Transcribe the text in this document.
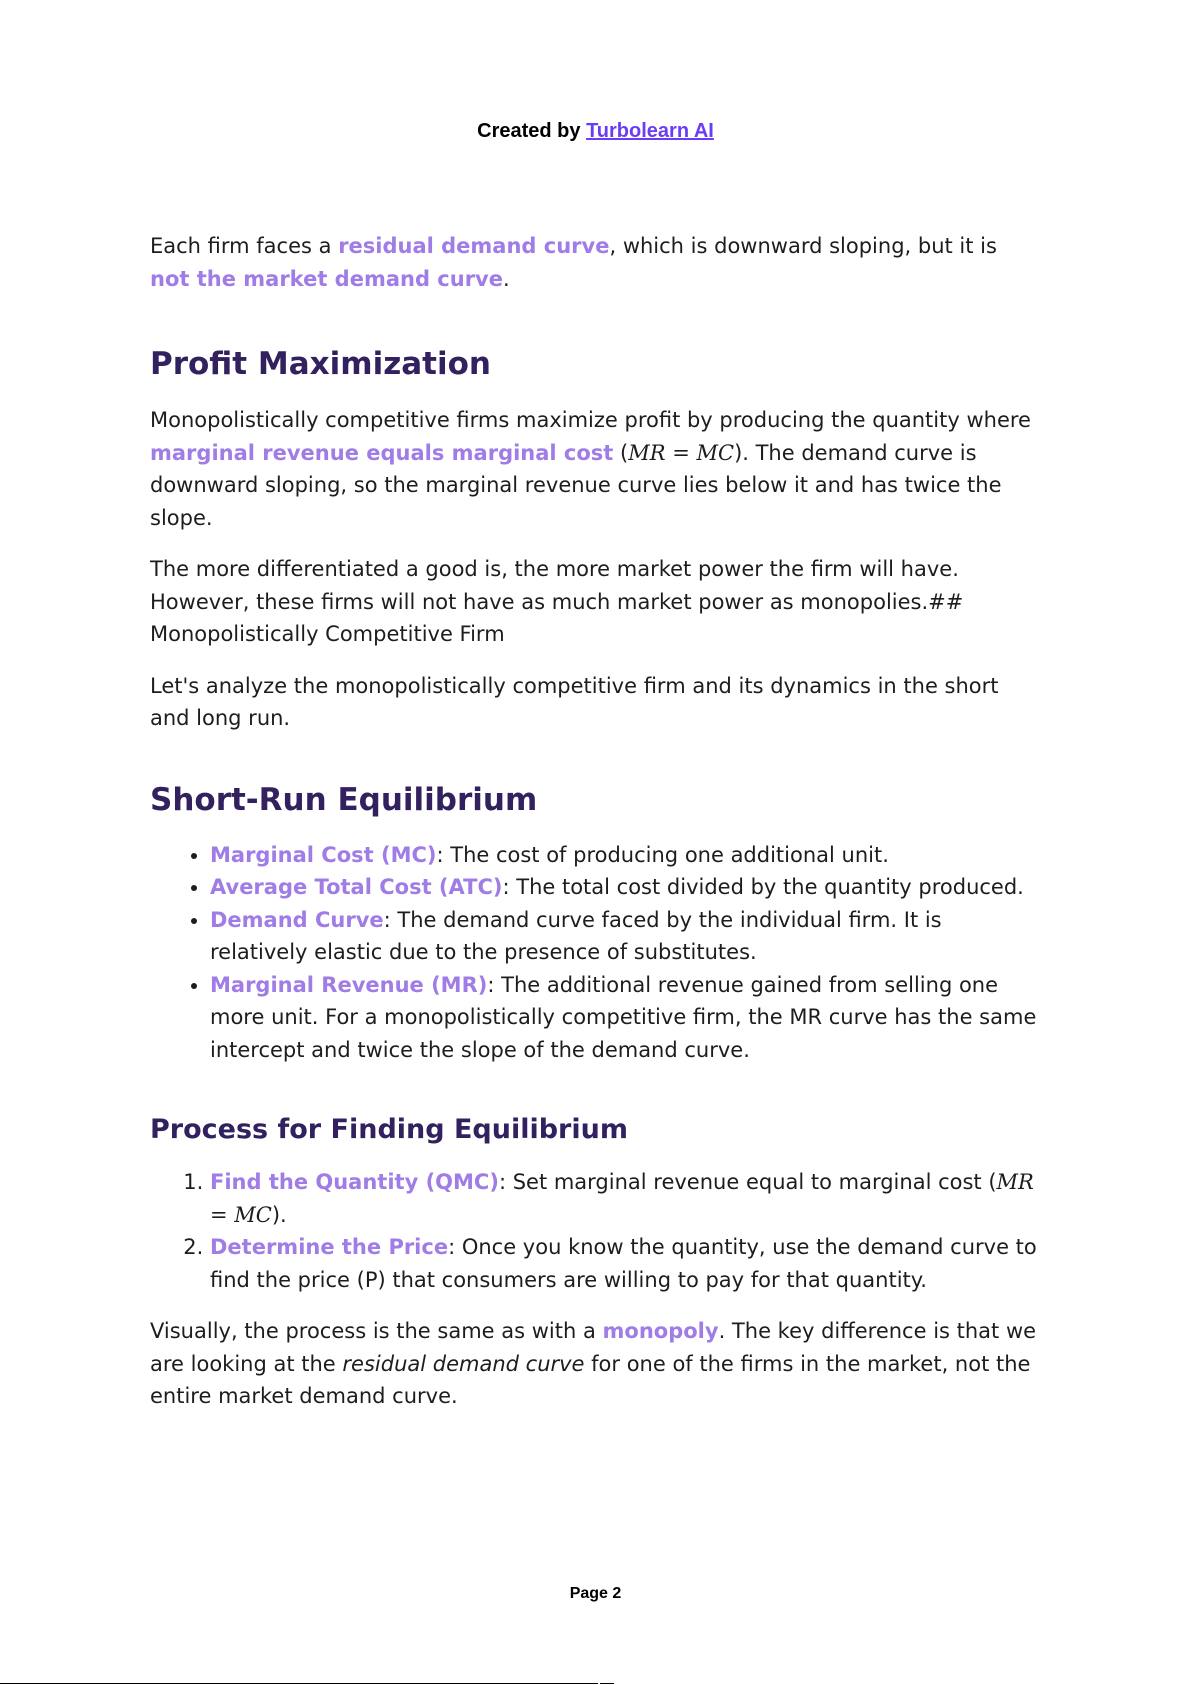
Created by Turbolearn AI

Each firm faces a residual demand curve, which is downward sloping, but it is not the market demand curve.

Profit Maximization

Monopolistically competitive firms maximize profit by producing the quantity where marginal revenue equals marginal cost (MR = MC). The demand curve is downward sloping, so the marginal revenue curve lies below it and has twice the slope.

The more differentiated a good is, the more market power the firm will have. However, these firms will not have as much market power as monopolies.## Monopolistically Competitive Firm

Let's analyze the monopolistically competitive firm and its dynamics in the short and long run.

Short-Run Equilibrium
• Marginal Cost (MC): The cost of producing one additional unit.
• Average Total Cost (ATC): The total cost divided by the quantity produced.
• Demand Curve: The demand curve faced by the individual firm. It is relatively elastic due to the presence of substitutes.
• Marginal Revenue (MR): The additional revenue gained from selling one more unit. For a monopolistically competitive firm, the MR curve has the same intercept and twice the slope of the demand curve.
Process for Finding Equilibrium
1. Find the Quantity (QMC): Set marginal revenue equal to marginal cost (MR = MC).
2. Determine the Price: Once you know the quantity, use the demand curve to find the price (P) that consumers are willing to pay for that quantity.

Visually, the process is the same as with a monopoly. The key difference is that we are looking at the residual demand curve for one of the firms in the market, not the entire market demand curve.

Page 2
